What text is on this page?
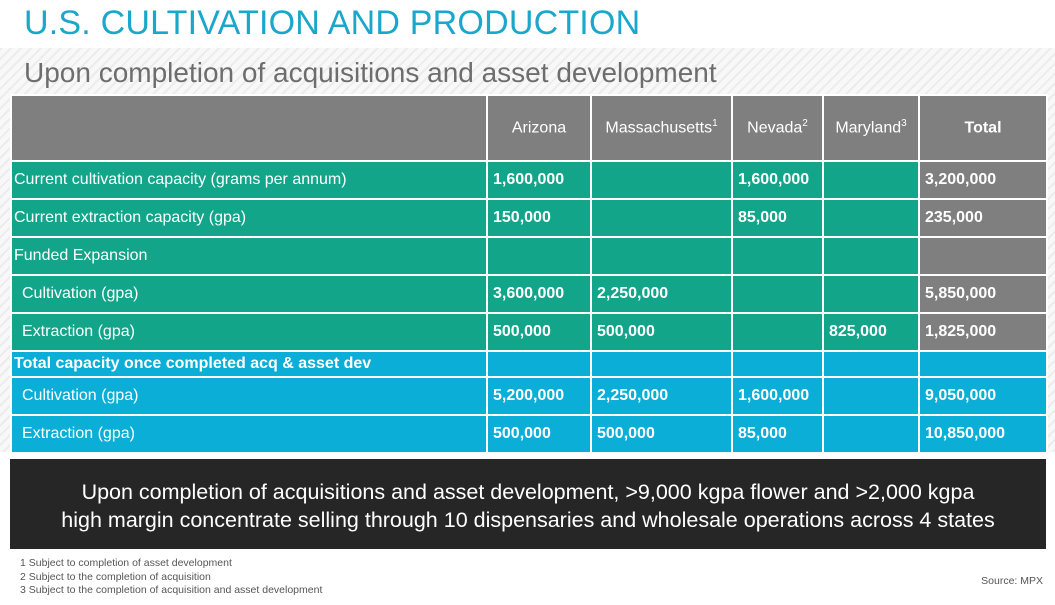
U.S. CULTIVATION AND PRODUCTION
Upon completion of acquisitions and asset development
	Arizona	Massachusetts$^1$	Nevada$^2$	Maryland$^3$	Total
Current cultivation capacity (grams per annum)	1,600,000		1,600,000		3,200,000
Current extraction capacity (gpa)	150,000		85,000		235,000
Funded Expansion					
Cultivation (gpa)	3,600,000	2,250,000			5,850,000
Extraction (gpa)	500,000	500,000		825,000	1,825,000
Total capacity once completed acq & asset dev					
Cultivation (gpa)	5,200,000	2,250,000	1,600,000		9,050,000
Extraction (gpa)	500,000	500,000	85,000		10,850,000
Upon completion of acquisitions and asset development, >9,000 kgpa flower and >2,000 kgpa
high margin concentrate selling through 10 dispensaries and wholesale operations across 4 states
1 Subject to completion of asset development
2 Subject to the completion of acquisition
3 Subject to the completion of acquisition and asset development
Source: MPX
